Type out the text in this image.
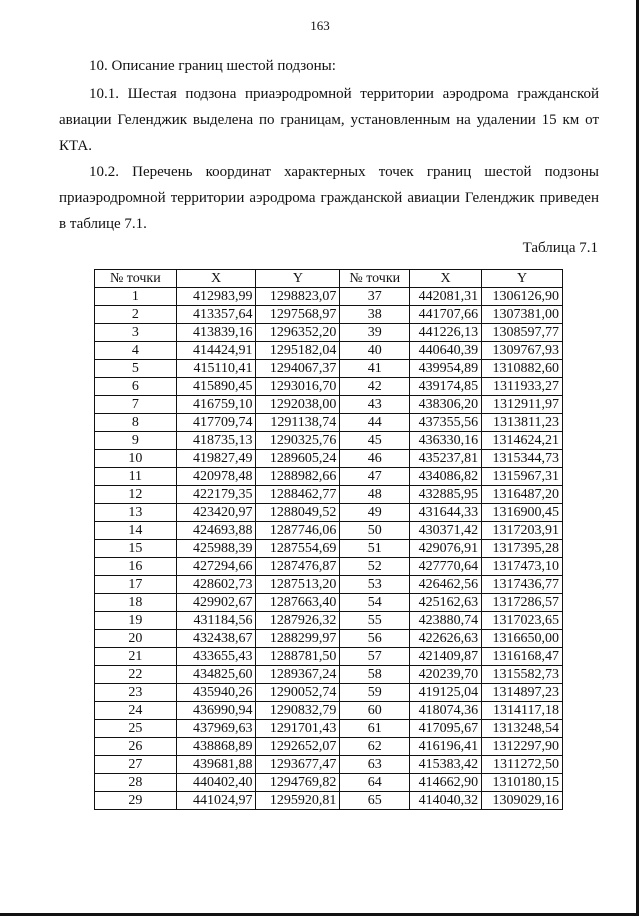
163
10. Описание границ шестой подзоны:
10.1. Шестая подзона приаэродромной территории аэродрома гражданской авиации Геленджик выделена по границам, установленным на удалении 15 км от КТА.
10.2. Перечень координат характерных точек границ шестой подзоны приаэродромной территории аэродрома гражданской авиации Геленджик приведен в таблице 7.1.
Таблица 7.1
№ точки	X	Y	№ точки	X	Y
1	412983,99	1298823,07	37	442081,31	1306126,90
2	413357,64	1297568,97	38	441707,66	1307381,00
3	413839,16	1296352,20	39	441226,13	1308597,77
4	414424,91	1295182,04	40	440640,39	1309767,93
5	415110,41	1294067,37	41	439954,89	1310882,60
6	415890,45	1293016,70	42	439174,85	1311933,27
7	416759,10	1292038,00	43	438306,20	1312911,97
8	417709,74	1291138,74	44	437355,56	1313811,23
9	418735,13	1290325,76	45	436330,16	1314624,21
10	419827,49	1289605,24	46	435237,81	1315344,73
11	420978,48	1288982,66	47	434086,82	1315967,31
12	422179,35	1288462,77	48	432885,95	1316487,20
13	423420,97	1288049,52	49	431644,33	1316900,45
14	424693,88	1287746,06	50	430371,42	1317203,91
15	425988,39	1287554,69	51	429076,91	1317395,28
16	427294,66	1287476,87	52	427770,64	1317473,10
17	428602,73	1287513,20	53	426462,56	1317436,77
18	429902,67	1287663,40	54	425162,63	1317286,57
19	431184,56	1287926,32	55	423880,74	1317023,65
20	432438,67	1288299,97	56	422626,63	1316650,00
21	433655,43	1288781,50	57	421409,87	1316168,47
22	434825,60	1289367,24	58	420239,70	1315582,73
23	435940,26	1290052,74	59	419125,04	1314897,23
24	436990,94	1290832,79	60	418074,36	1314117,18
25	437969,63	1291701,43	61	417095,67	1313248,54
26	438868,89	1292652,07	62	416196,41	1312297,90
27	439681,88	1293677,47	63	415383,42	1311272,50
28	440402,40	1294769,82	64	414662,90	1310180,15
29	441024,97	1295920,81	65	414040,32	1309029,16
